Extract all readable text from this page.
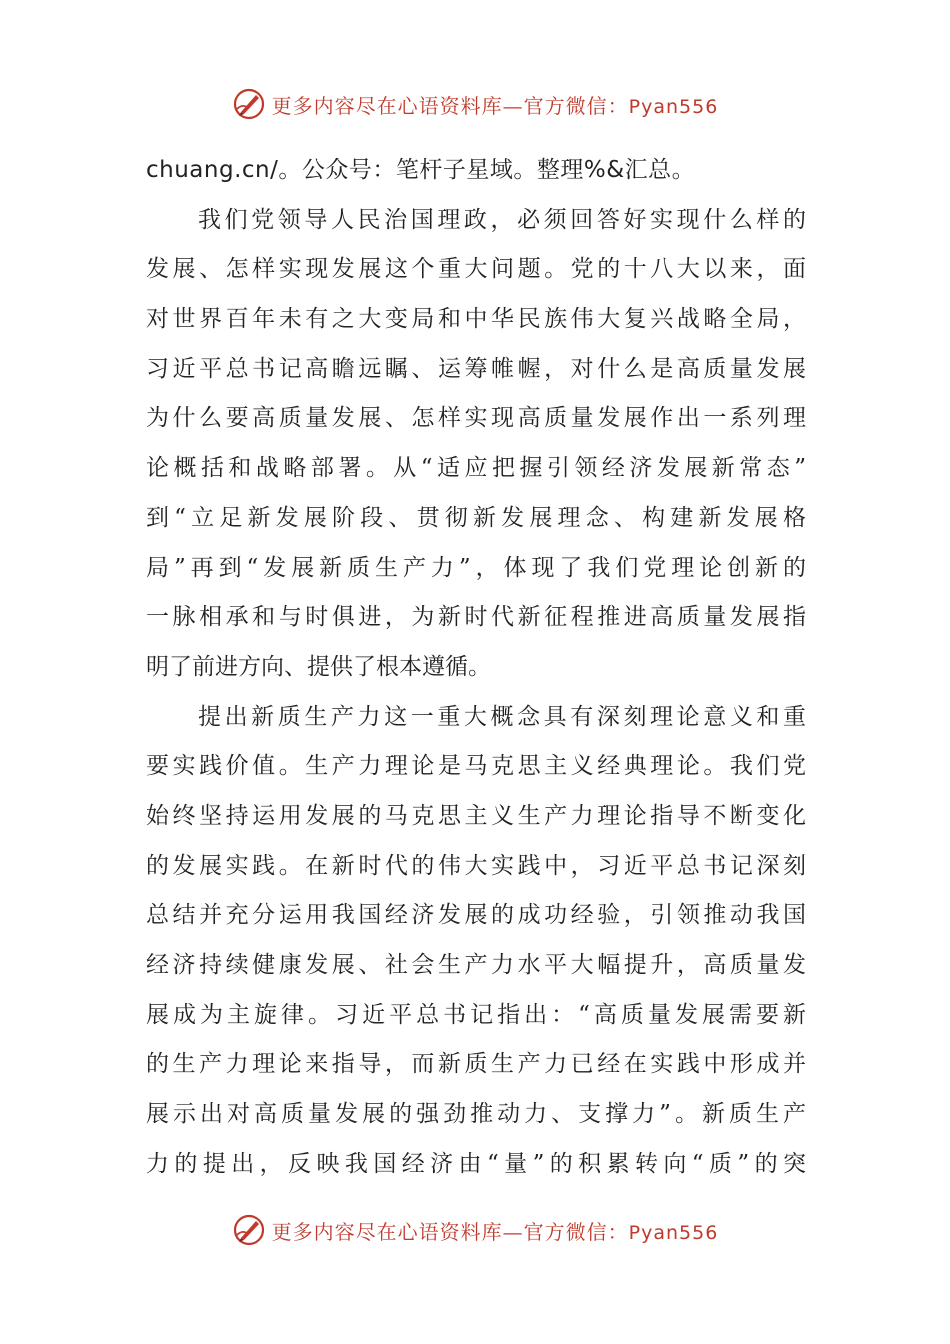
更多内容尽在心语资料库—官方微信：Pyan556
chuang.cn/。公众号：笔杆子星域。整理%&汇总。
我们党领导人民治国理政，必须回答好实现什么样的
发展、怎样实现发展这个重大问题。党的十八大以来，面
对世界百年未有之大变局和中华民族伟大复兴战略全局，
习近平总书记高瞻远瞩、运筹帷幄，对什么是高质量发展
为什么要高质量发展、怎样实现高质量发展作出一系列理
论概括和战略部署。从“适应把握引领经济发展新常态”
到“立足新发展阶段、贯彻新发展理念、构建新发展格
局”再到“发展新质生产力”，体现了我们党理论创新的
一脉相承和与时俱进，为新时代新征程推进高质量发展指
明了前进方向、提供了根本遵循。
提出新质生产力这一重大概念具有深刻理论意义和重
要实践价值。生产力理论是马克思主义经典理论。我们党
始终坚持运用发展的马克思主义生产力理论指导不断变化
的发展实践。在新时代的伟大实践中，习近平总书记深刻
总结并充分运用我国经济发展的成功经验，引领推动我国
经济持续健康发展、社会生产力水平大幅提升，高质量发
展成为主旋律。习近平总书记指出：“高质量发展需要新
的生产力理论来指导，而新质生产力已经在实践中形成并
展示出对高质量发展的强劲推动力、支撑力”。新质生产
力的提出，反映我国经济由“量”的积累转向“质”的突
更多内容尽在心语资料库—官方微信：Pyan556
